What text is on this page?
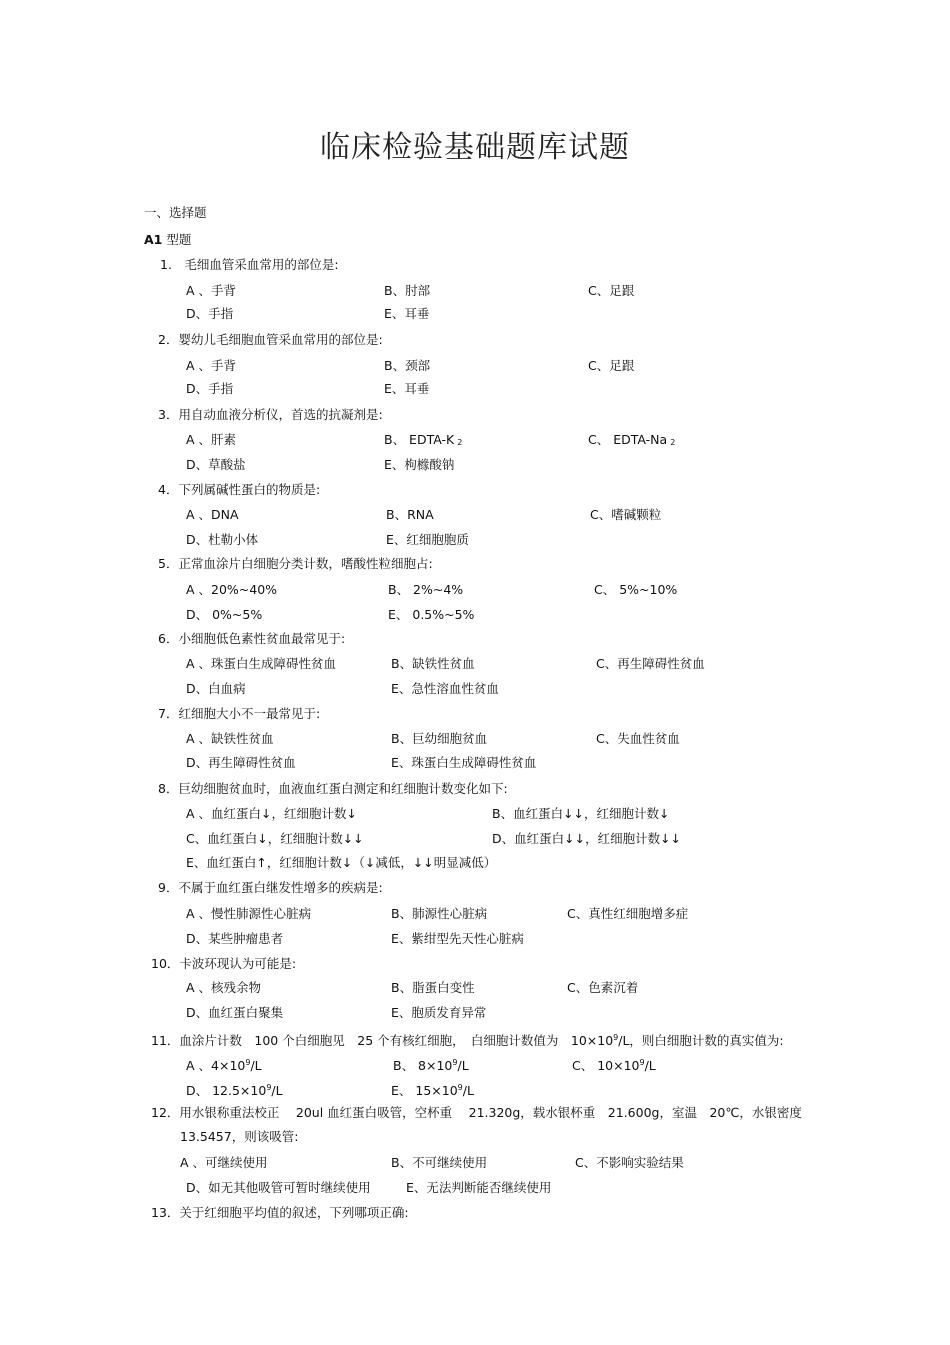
临床检验基础题库试题
一、选择题
A1 型题
1.　毛细血管采血常用的部位是:
A 、手背	B、肘部	C、足跟
D、手指	E、耳垂
2．婴幼儿毛细胞血管采血常用的部位是:
A 、手背	B、颈部	C、足跟
D、手指	E、耳垂
3．用自动血液分析仪，首选的抗凝剂是:
A 、肝素	B、 EDTA-K 2	C、 EDTA-Na 2
D、草酸盐	E、枸橼酸钠
4．下列属碱性蛋白的物质是:
A 、DNA	B、RNA	C、嗜碱颗粒
D、杜勒小体	E、红细胞胞质
5．正常血涂片白细胞分类计数，嗜酸性粒细胞占:
A 、20%~40%	B、 2%~4%	C、 5%~10%
D、 0%~5%	E、 0.5%~5%
6．小细胞低色素性贫血最常见于:
A 、珠蛋白生成障碍性贫血	B、缺铁性贫血	C、再生障碍性贫血
D、白血病	E、急性溶血性贫血
7．红细胞大小不一最常见于:
A 、缺铁性贫血	B、巨幼细胞贫血	C、失血性贫血
D、再生障碍性贫血	E、珠蛋白生成障碍性贫血
8．巨幼细胞贫血时，血液血红蛋白测定和红细胞计数变化如下:
A 、血红蛋白↓，红细胞计数↓	B、血红蛋白↓↓，红细胞计数↓
C、血红蛋白↓，红细胞计数↓↓	D、血红蛋白↓↓，红细胞计数↓↓
E、血红蛋白↑，红细胞计数↓（↓减低，↓↓明显减低）
9．不属于血红蛋白继发性增多的疾病是:
A 、慢性肺源性心脏病	B、肺源性心脏病	C、真性红细胞增多症
D、某些肿瘤患者	E、紫绀型先天性心脏病
10．卡波环现认为可能是:
A 、核残余物	B、脂蛋白变性	C、色素沉着
D、血红蛋白聚集	E、胞质发育异常
11．血涂片计数　100 个白细胞见　25 个有核红细胞，　白细胞计数值为　$10\times 10^9/L$，则白细胞计数的真实值为:
A 、$4\times 10^9/L$	B、 $8\times 10^9/L$	C、 $10\times 10^9/L$
D、 $12.5\times 10^9/L$	E、 $15\times 10^9/L$
12．用水银称重法校正　 20ul 血红蛋白吸管，空杯重　 21.320g，载水银杯重　21.600g，室温　20℃，水银密度
13.5457，则该吸管:
A 、可继续使用	B、不可继续使用	C、不影响实验结果
D、如无其他吸管可暂时继续使用	E、无法判断能否继续使用
13．关于红细胞平均值的叙述，下列哪项正确:
